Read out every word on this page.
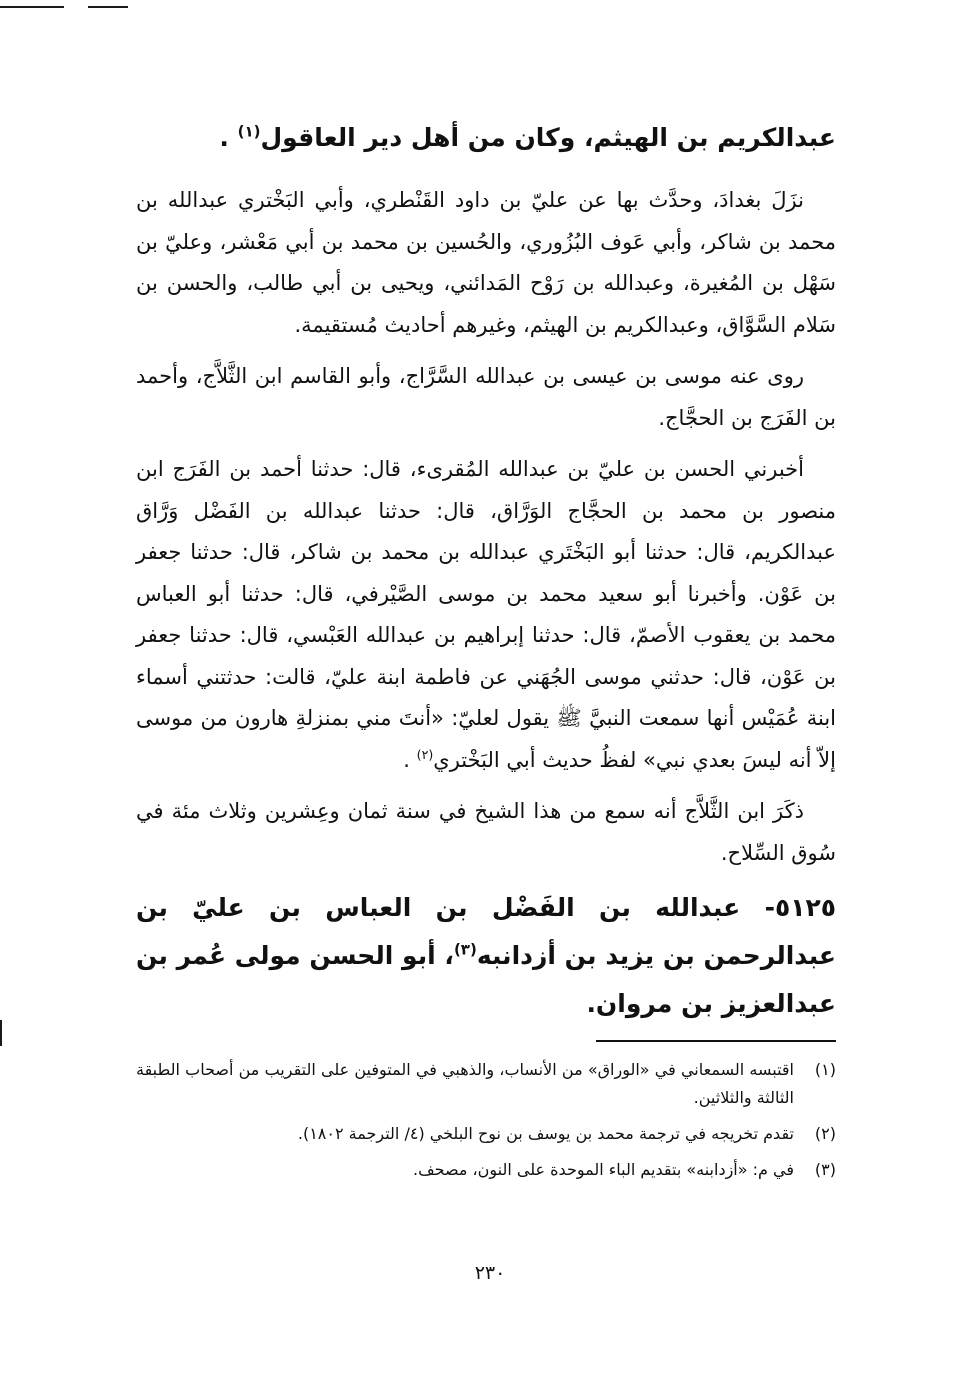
عبدالكريم بن الهيثم، وكان من أهل دير العاقول$^{(١)}$ .

نزَلَ بغدادَ، وحدَّث بها عن عليّ بن داود القَنْطري، وأبي البَخْتري عبدالله بن محمد بن شاكر، وأبي عَوف البُزُوري، والحُسين بن محمد بن أبي مَعْشر، وعليّ بن سَهْل بن المُغيرة، وعبدالله بن رَوْح المَدائني، ويحيى بن أبي طالب، والحسن بن سَلام السَّوَّاق، وعبدالكريم بن الهيثم، وغيرهم أحاديث مُستقيمة.

روى عنه موسى بن عيسى بن عبدالله السَّرَّاج، وأبو القاسم ابن الثَّلاَّج، وأحمد بن الفَرَج بن الحجَّاج.

أخبرني الحسن بن عليّ بن عبدالله المُقرىء، قال: حدثنا أحمد بن الفَرَج ابن منصور بن محمد بن الحجَّاج الوَرَّاق، قال: حدثنا عبدالله بن الفَضْل وَرَّاق عبدالكريم، قال: حدثنا أبو البَخْتَري عبدالله بن محمد بن شاكر، قال: حدثنا جعفر بن عَوْن. وأخبرنا أبو سعيد محمد بن موسى الصَّيْرفي، قال: حدثنا أبو العباس محمد بن يعقوب الأصمّ، قال: حدثنا إبراهيم بن عبدالله العَبْسي، قال: حدثنا جعفر بن عَوْن، قال: حدثني موسى الجُهَني عن فاطمة ابنة عليّ، قالت: حدثتني أسماء ابنة عُمَيْس أنها سمعت النبيَّ ﷺ يقول لعليّ: «أنتَ مني بمنزلةِ هارون من موسى إلاّ أنه ليسَ بعدي نبي» لفظُ حديث أبي البَخْتري$^{(٢)}$ .

ذكَرَ ابن الثَّلاَّج أنه سمع من هذا الشيخ في سنة ثمان وعِشرين وثلاث مئة في سُوق السِّلاح.

٥١٢٥- عبدالله بن الفَضْل بن العباس بن عليّ بن عبدالرحمن بن يزيد بن أزدانبه$^{(٣)}$، أبو الحسن مولى عُمر بن عبدالعزيز بن مروان.
(١)
اقتبسه السمعاني في «الوراق» من الأنساب، والذهبي في المتوفين على التقريب من أصحاب الطبقة الثالثة والثلاثين.
(٢)
تقدم تخريجه في ترجمة محمد بن يوسف بن نوح البلخي (٤/ الترجمة ١٨٠٢).
(٣)
في م: «أزدابنه» بتقديم الباء الموحدة على النون، مصحف.
٢٣٠
